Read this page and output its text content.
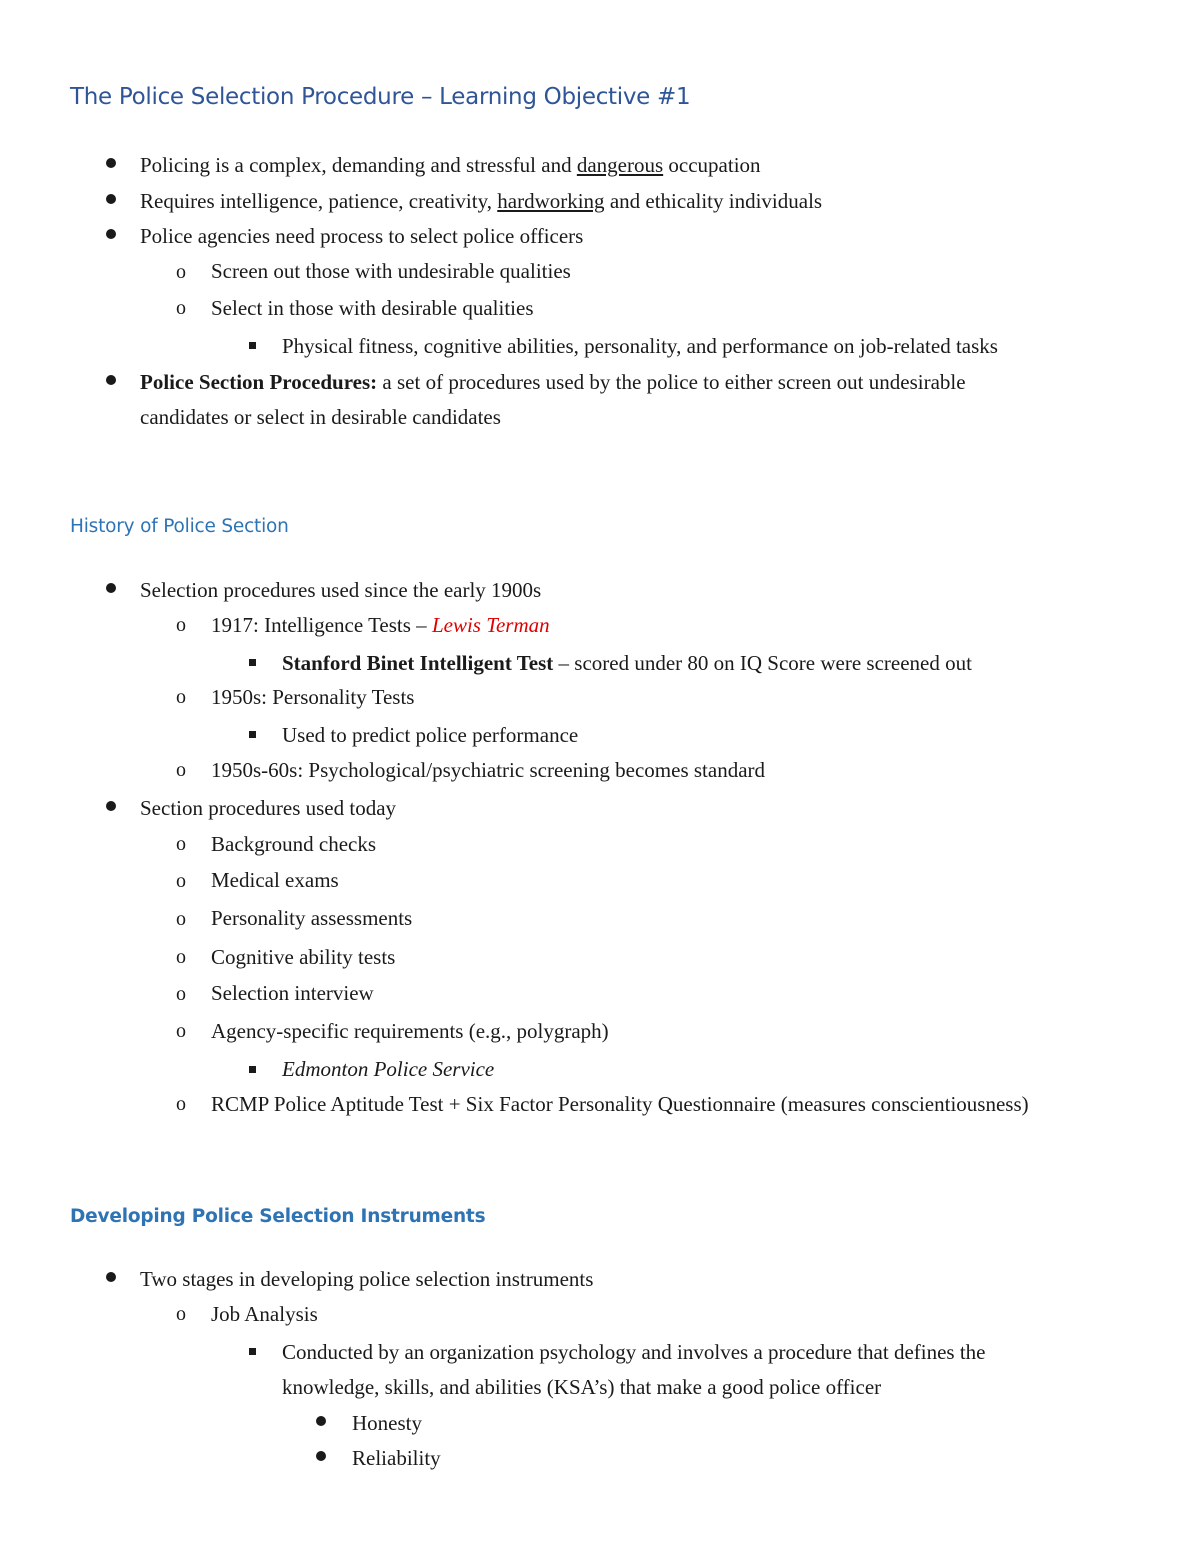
The Police Selection Procedure – Learning Objective #1
Policing is a complex, demanding and stressful and dangerous occupation
Requires intelligence, patience, creativity, hardworking and ethicality individuals
Police agencies need process to select police officers
o Screen out those with undesirable qualities
o Select in those with desirable qualities
Physical fitness, cognitive abilities, personality, and performance on job-related tasks
Police Section Procedures: a set of procedures used by the police to either screen out undesirable
candidates or select in desirable candidates
History of Police Section
Selection procedures used since the early 1900s
o 1917: Intelligence Tests – Lewis Terman
Stanford Binet Intelligent Test – scored under 80 on IQ Score were screened out
o 1950s: Personality Tests
Used to predict police performance
o 1950s-60s: Psychological/psychiatric screening becomes standard
Section procedures used today
o Background checks
o Medical exams
o Personality assessments
o Cognitive ability tests
o Selection interview
o Agency-specific requirements (e.g., polygraph)
Edmonton Police Service
o RCMP Police Aptitude Test + Six Factor Personality Questionnaire (measures conscientiousness)
Developing Police Selection Instruments
Two stages in developing police selection instruments
o Job Analysis
Conducted by an organization psychology and involves a procedure that defines the
knowledge, skills, and abilities (KSA’s) that make a good police officer
Honesty
Reliability
